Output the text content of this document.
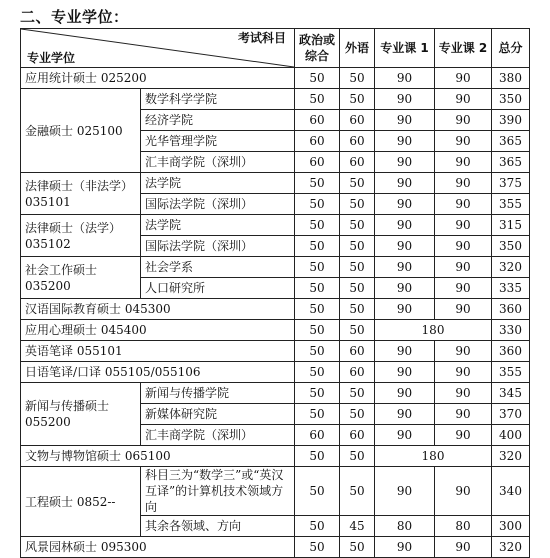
二、专业学位：
考试科目
专业学位		政治或综合	外语	专业课 1	专业课 2	总分
应用统计硕士 025200		50	50	90	90	380
金融硕士 025100	数学科学学院	50	50	90	90	350
	经济学院	60	60	90	90	390
	光华管理学院	60	60	90	90	365
	汇丰商学院（深圳）	60	60	90	90	365
法律硕士（非法学）035101	法学院	50	50	90	90	375
	国际法学院（深圳）	50	50	90	90	355
法律硕士（法学）035102	法学院	50	50	90	90	315
	国际法学院（深圳）	50	50	90	90	350
社会工作硕士 035200	社会学系	50	50	90	90	320
	人口研究所	50	50	90	90	335
汉语国际教育硕士 045300		50	50	90	90	360
应用心理硕士 045400		50	50	180		330
英语笔译 055101		50	60	90	90	360
日语笔译/口译 055105/055106		50	60	90	90	355
新闻与传播硕士 055200	新闻与传播学院	50	50	90	90	345
	新媒体研究院	50	50	90	90	370
	汇丰商学院（深圳）	60	60	90	90	400
文物与博物馆硕士 065100		50	50	180		320
工程硕士 0852--	科目三为“数学三”或“英汉互译”的计算机技术领域方向	50	50	90	90	340
	其余各领域、方向	50	45	80	80	300
风景园林硕士 095300		50	50	90	90	320
